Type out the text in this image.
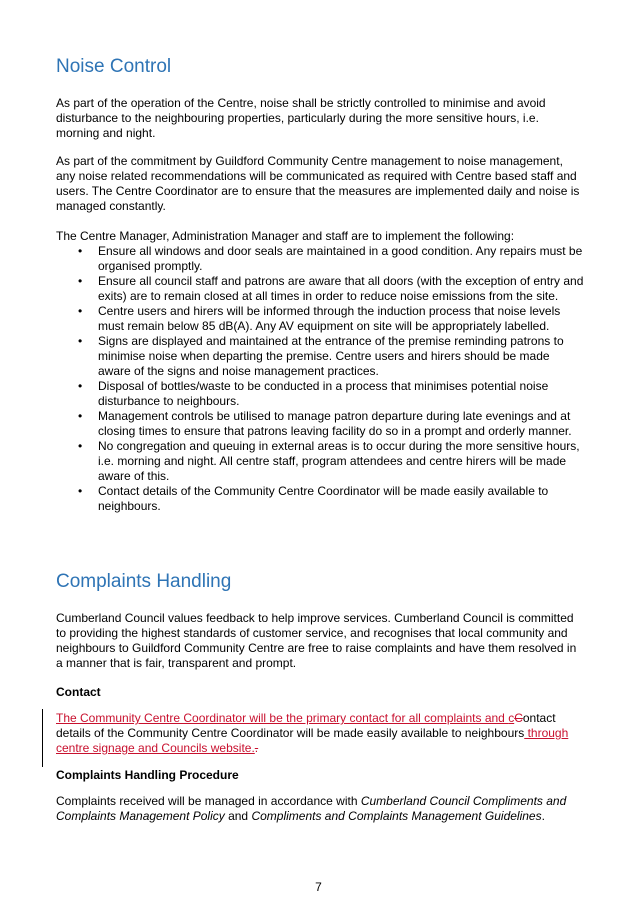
Noise Control

As part of the operation of the Centre, noise shall be strictly controlled to minimise and avoid disturbance to the neighbouring properties, particularly during the more sensitive hours, i.e. morning and night.

As part of the commitment by Guildford Community Centre management to noise management, any noise related recommendations will be communicated as required with Centre based staff and users. The Centre Coordinator are to ensure that the measures are implemented daily and noise is managed constantly.

The Centre Manager, Administration Manager and staff are to implement the following:

• Ensure all windows and door seals are maintained in a good condition. Any repairs must be organised promptly.
• Ensure all council staff and patrons are aware that all doors (with the exception of entry and exits) are to remain closed at all times in order to reduce noise emissions from the site.
• Centre users and hirers will be informed through the induction process that noise levels must remain below 85 dB(A). Any AV equipment on site will be appropriately labelled.
• Signs are displayed and maintained at the entrance of the premise reminding patrons to minimise noise when departing the premise. Centre users and hirers should be made aware of the signs and noise management practices.
• Disposal of bottles/waste to be conducted in a process that minimises potential noise disturbance to neighbours.
• Management controls be utilised to manage patron departure during late evenings and at closing times to ensure that patrons leaving facility do so in a prompt and orderly manner.
• No congregation and queuing in external areas is to occur during the more sensitive hours, i.e. morning and night. All centre staff, program attendees and centre hirers will be made aware of this.
• Contact details of the Community Centre Coordinator will be made easily available to neighbours.
Complaints Handling

Cumberland Council values feedback to help improve services. Cumberland Council is committed to providing the highest standards of customer service, and recognises that local community and neighbours to Guildford Community Centre are free to raise complaints and have them resolved in a manner that is fair, transparent and prompt.

Contact

The Community Centre Coordinator will be the primary contact for all complaints and cContact details of the Community Centre Coordinator will be made easily available to neighbours through centre signage and Councils website..

Complaints Handling Procedure

Complaints received will be managed in accordance with Cumberland Council Compliments and Complaints Management Policy and Compliments and Complaints Management Guidelines.

7
